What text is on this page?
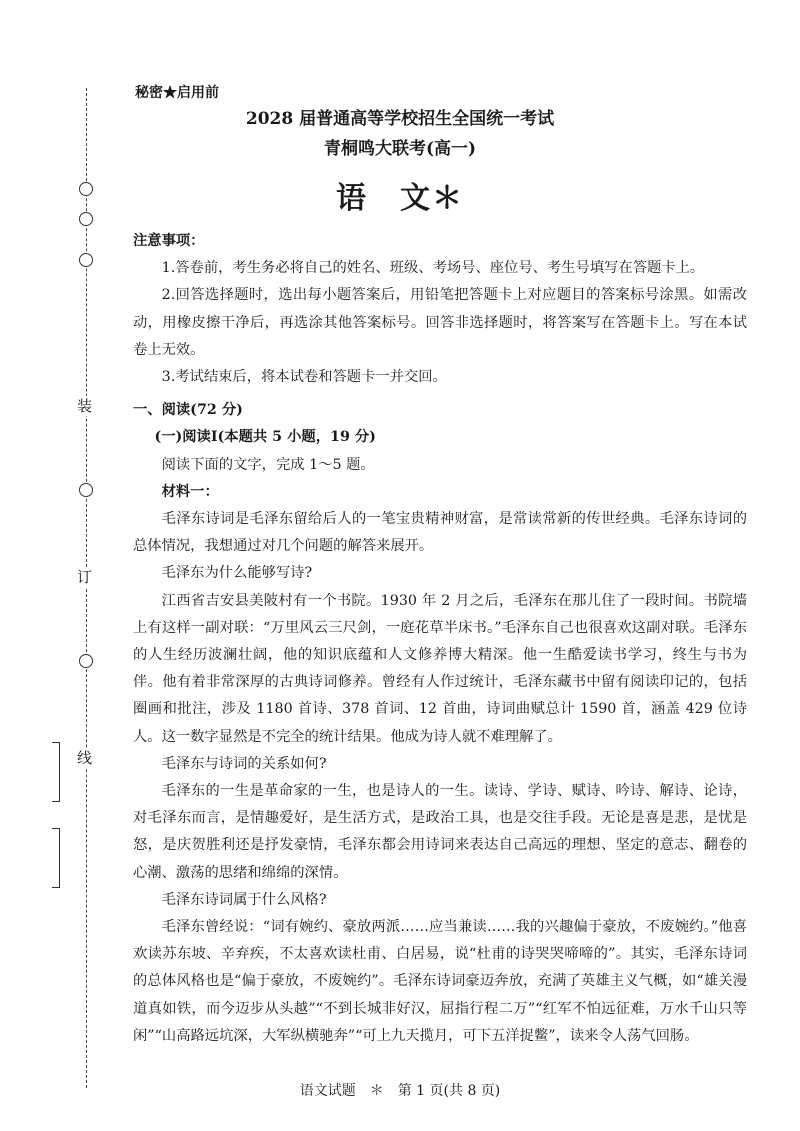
装
订
线
秘密★启用前
2028 届普通高等学校招生全国统一考试
青桐鸣大联考(高一)
语　文＊

注意事项：

1.答卷前，考生务必将自己的姓名、班级、考场号、座位号、考生号填写在答题卡上。

2.回答选择题时，选出每小题答案后，用铅笔把答题卡上对应题目的答案标号涂黑。如需改动，用橡皮擦干净后，再选涂其他答案标号。回答非选择题时，将答案写在答题卡上。写在本试卷上无效。

3.考试结束后，将本试卷和答题卡一并交回。

一、阅读(72 分)

(一)阅读Ⅰ(本题共 5 小题，19 分)

阅读下面的文字，完成 1～5 题。

材料一：

毛泽东诗词是毛泽东留给后人的一笔宝贵精神财富，是常读常新的传世经典。毛泽东诗词的总体情况，我想通过对几个问题的解答来展开。

毛泽东为什么能够写诗?

江西省吉安县美陂村有一个书院。1930 年 2 月之后，毛泽东在那儿住了一段时间。书院墙上有这样一副对联：“万里风云三尺剑，一庭花草半床书。”毛泽东自己也很喜欢这副对联。毛泽东的人生经历波澜壮阔，他的知识底蕴和人文修养博大精深。他一生酷爱读书学习，终生与书为伴。他有着非常深厚的古典诗词修养。曾经有人作过统计，毛泽东藏书中留有阅读印记的，包括圈画和批注，涉及 1180 首诗、378 首词、12 首曲，诗词曲赋总计 1590 首，涵盖 429 位诗人。这一数字显然是不完全的统计结果。他成为诗人就不难理解了。

毛泽东与诗词的关系如何?

毛泽东的一生是革命家的一生，也是诗人的一生。读诗、学诗、赋诗、吟诗、解诗、论诗，对毛泽东而言，是情趣爱好，是生活方式，是政治工具，也是交往手段。无论是喜是悲，是忧是怒，是庆贺胜利还是抒发豪情，毛泽东都会用诗词来表达自己高远的理想、坚定的意志、翻卷的心潮、激荡的思绪和绵绵的深情。

毛泽东诗词属于什么风格?

毛泽东曾经说：“词有婉约、豪放两派……应当兼读……我的兴趣偏于豪放，不废婉约。”他喜欢读苏东坡、辛弃疾，不太喜欢读杜甫、白居易，说“杜甫的诗哭哭啼啼的”。其实，毛泽东诗词的总体风格也是“偏于豪放，不废婉约”。毛泽东诗词豪迈奔放，充满了英雄主义气概，如“雄关漫道真如铁，而今迈步从头越”“不到长城非好汉，屈指行程二万”“红军不怕远征难，万水千山只等闲”“山高路远坑深，大军纵横驰奔”“可上九天揽月，可下五洋捉鳖”，读来令人荡气回肠。

语文试题　＊　第 1 页(共 8 页)
